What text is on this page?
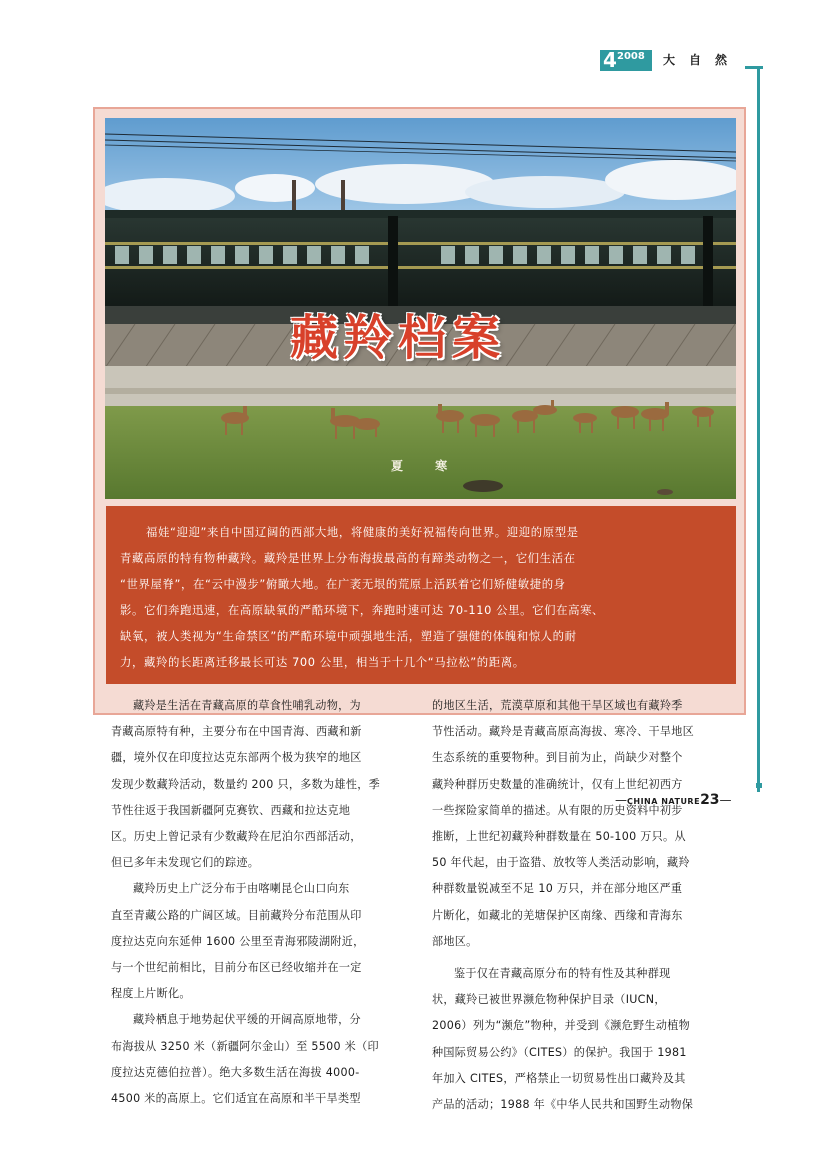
4 2008	大自然
藏羚档案
夏 寒

福娃“迎迎”来自中国辽阔的西部大地，将健康的美好祝福传向世界。迎迎的原型是
青藏高原的特有物种藏羚。藏羚是世界上分布海拔最高的有蹄类动物之一，它们生活在
“世界屋脊”，在“云中漫步”俯瞰大地。在广袤无垠的荒原上活跃着它们矫健敏捷的身
影。它们奔跑迅速，在高原缺氧的严酷环境下，奔跑时速可达 70-110 公里。它们在高寒、
缺氧，被人类视为“生命禁区”的严酷环境中顽强地生活，塑造了强健的体魄和惊人的耐
力，藏羚的长距离迁移最长可达 700 公里，相当于十几个“马拉松”的距离。

藏羚是生活在青藏高原的草食性哺乳动物，为
青藏高原特有种，主要分布在中国青海、西藏和新
疆，境外仅在印度拉达克东部两个极为狭窄的地区
发现少数藏羚活动，数量约 200 只，多数为雄性，季
节性往返于我国新疆阿克赛钦、西藏和拉达克地
区。历史上曾记录有少数藏羚在尼泊尔西部活动，
但已多年未发现它们的踪迹。
藏羚历史上广泛分布于由喀喇昆仑山口向东
直至青藏公路的广阔区域。目前藏羚分布范围从印
度拉达克向东延伸 1600 公里至青海邪陵湖附近，
与一个世纪前相比，目前分布区已经收缩并在一定
程度上片断化。
藏羚栖息于地势起伏平缓的开阔高原地带，分
布海拔从 3250 米（新疆阿尔金山）至 5500 米（印
度拉达克德伯拉普）。绝大多数生活在海拔 4000-
4500 米的高原上。它们适宜在高原和半干旱类型
的地区生活，荒漠草原和其他干旱区域也有藏羚季
节性活动。藏羚是青藏高原高海拔、寒冷、干旱地区
生态系统的重要物种。到目前为止，尚缺少对整个
藏羚种群历史数量的准确统计，仅有上世纪初西方
一些探险家简单的描述。从有限的历史资料中初步
推断，上世纪初藏羚种群数量在 50-100 万只。从
50 年代起，由于盗猎、放牧等人类活动影响，藏羚
种群数量锐减至不足 10 万只，并在部分地区严重
片断化，如藏北的羌塘保护区南缘、西缘和青海东
部地区。
鉴于仅在青藏高原分布的特有性及其种群现
状，藏羚已被世界濒危物种保护目录（IUCN，
2006）列为“濒危”物种，并受到《濒危野生动植物
种国际贸易公约》（CITES）的保护。我国于 1981
年加入 CITES，严格禁止一切贸易性出口藏羚及其
产品的活动；1988 年《中华人民共和国野生动物保
—CHINA NATURE23—
